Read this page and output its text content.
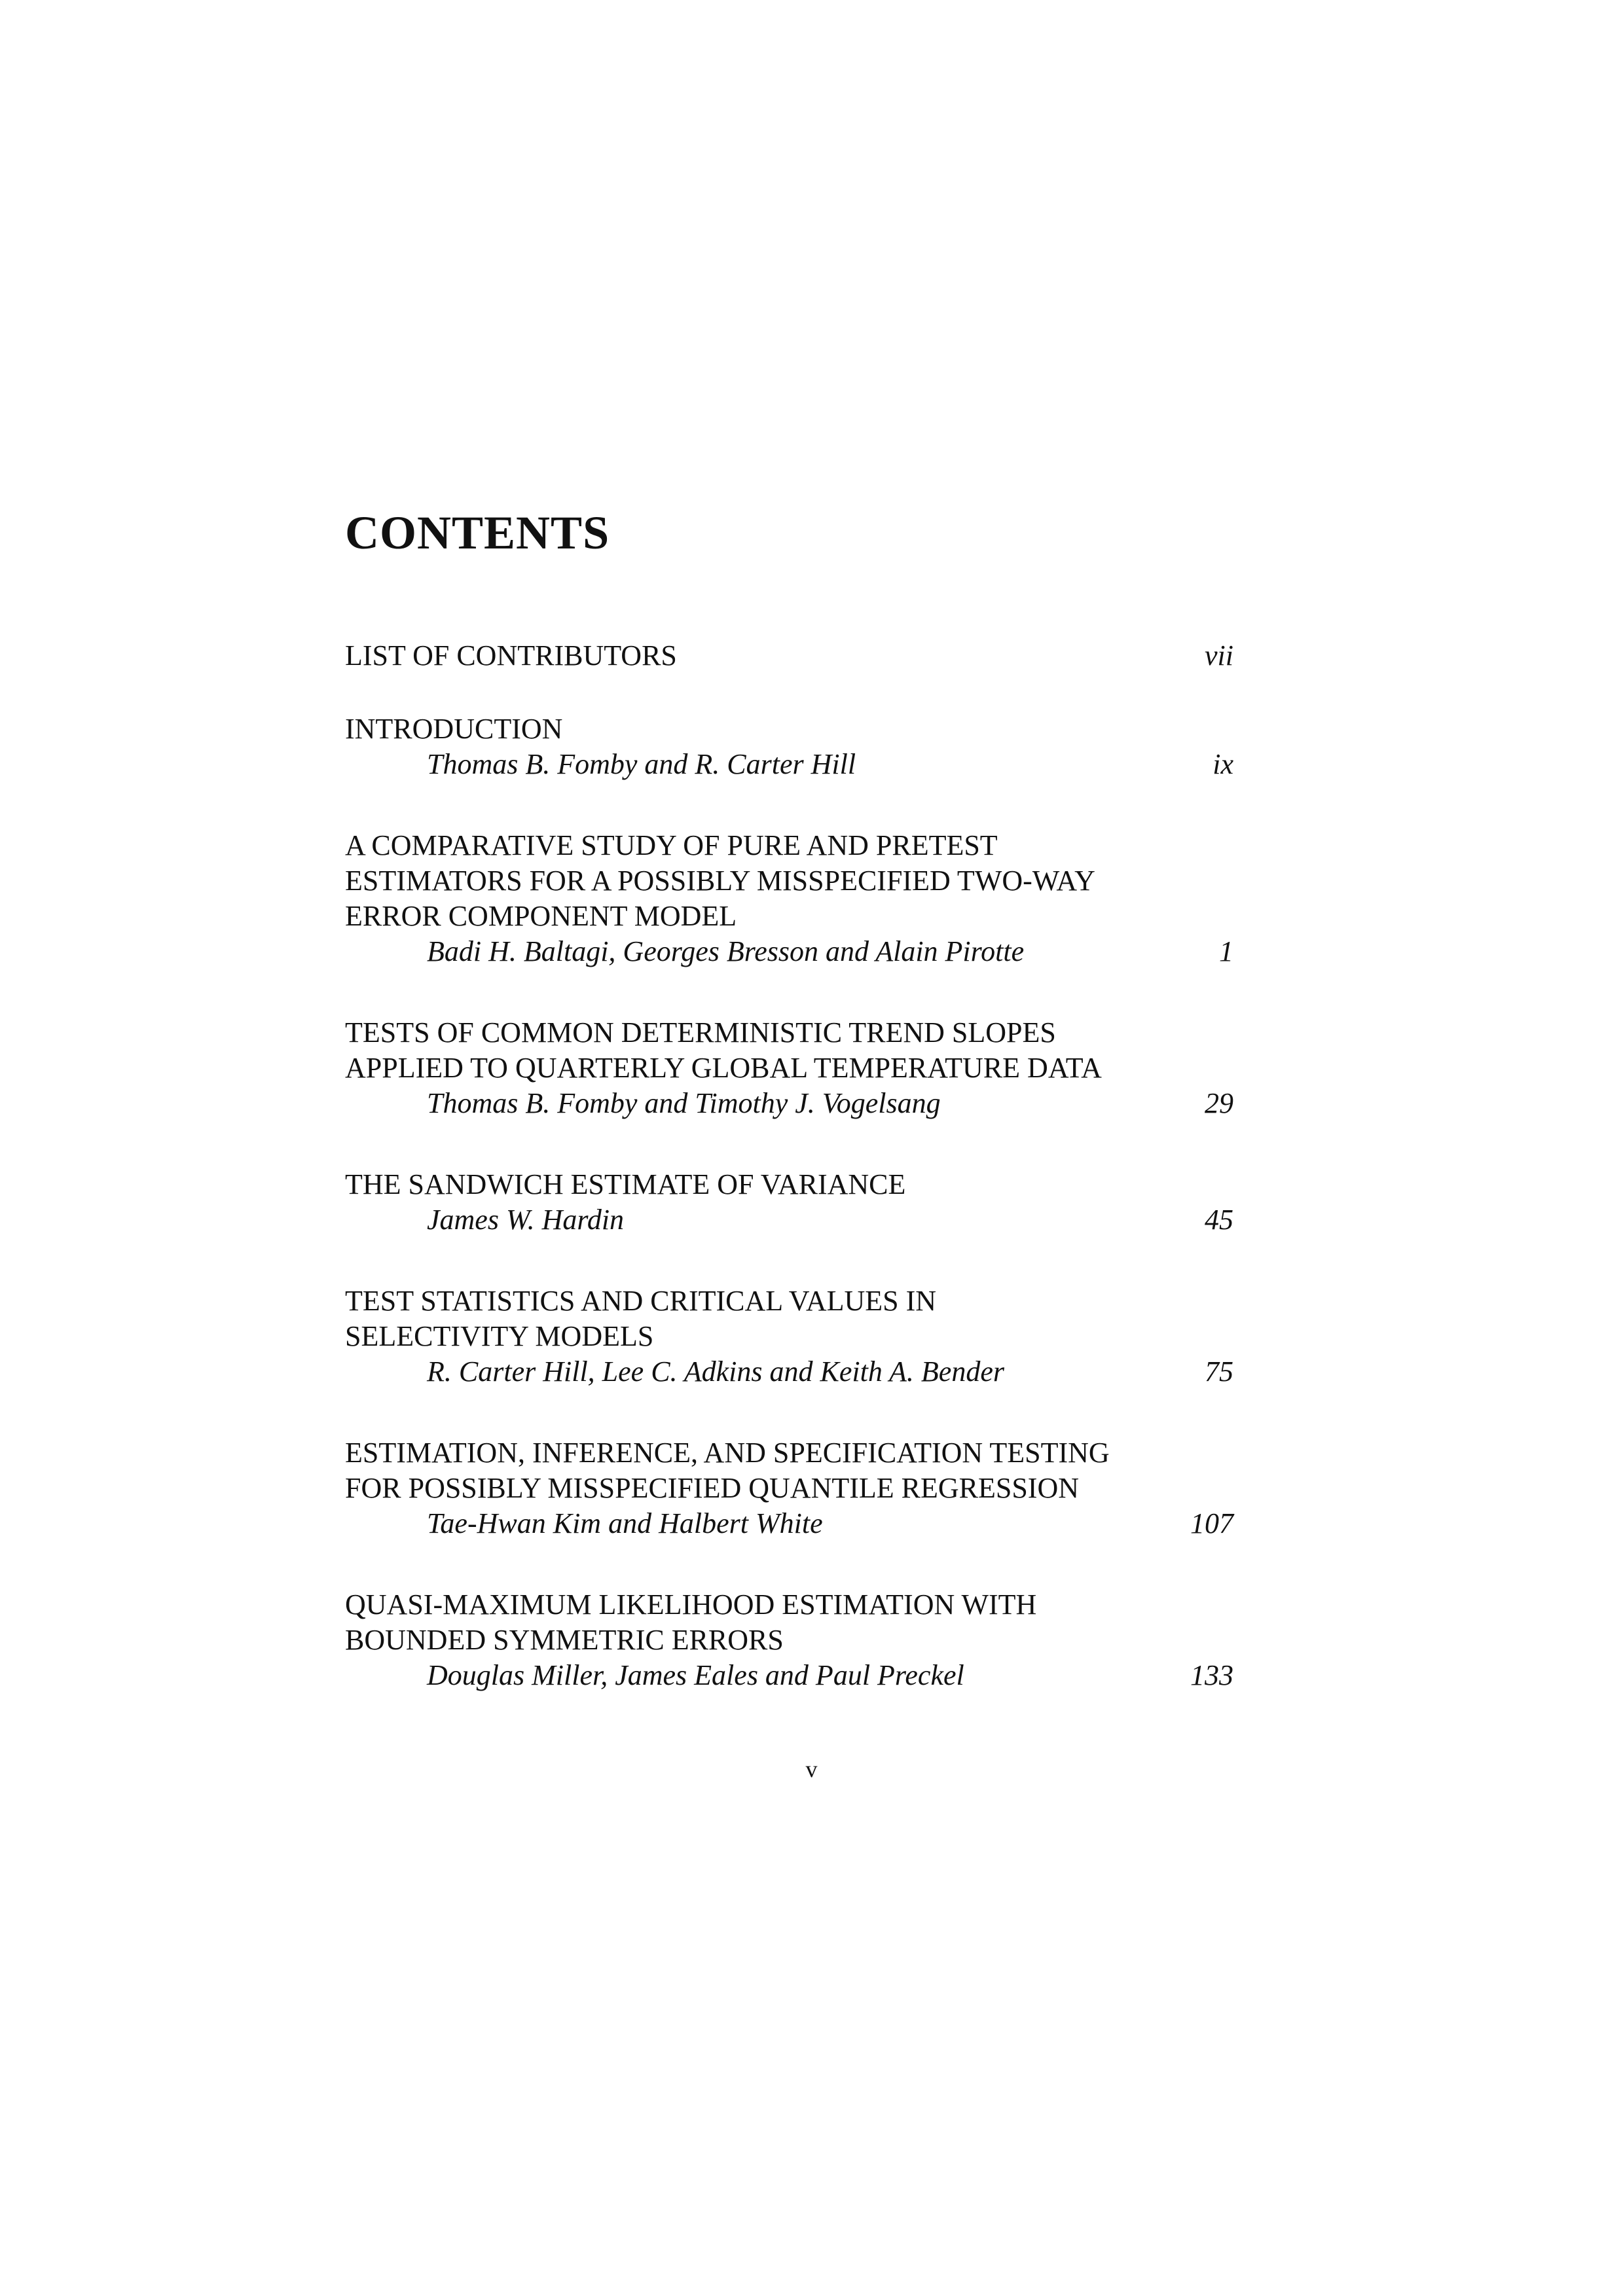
CONTENTS
LIST OF CONTRIBUTORS	vii
INTRODUCTION
Thomas B. Fomby and R. Carter Hill	ix
A COMPARATIVE STUDY OF PURE AND PRETEST
ESTIMATORS FOR A POSSIBLY MISSPECIFIED TWO-WAY
ERROR COMPONENT MODEL
Badi H. Baltagi, Georges Bresson and Alain Pirotte	1
TESTS OF COMMON DETERMINISTIC TREND SLOPES
APPLIED TO QUARTERLY GLOBAL TEMPERATURE DATA
Thomas B. Fomby and Timothy J. Vogelsang	29
THE SANDWICH ESTIMATE OF VARIANCE
James W. Hardin	45
TEST STATISTICS AND CRITICAL VALUES IN
SELECTIVITY MODELS
R. Carter Hill, Lee C. Adkins and Keith A. Bender	75
ESTIMATION, INFERENCE, AND SPECIFICATION TESTING
FOR POSSIBLY MISSPECIFIED QUANTILE REGRESSION
Tae-Hwan Kim and Halbert White	107
QUASI-MAXIMUM LIKELIHOOD ESTIMATION WITH
BOUNDED SYMMETRIC ERRORS
Douglas Miller, James Eales and Paul Preckel	133
v
